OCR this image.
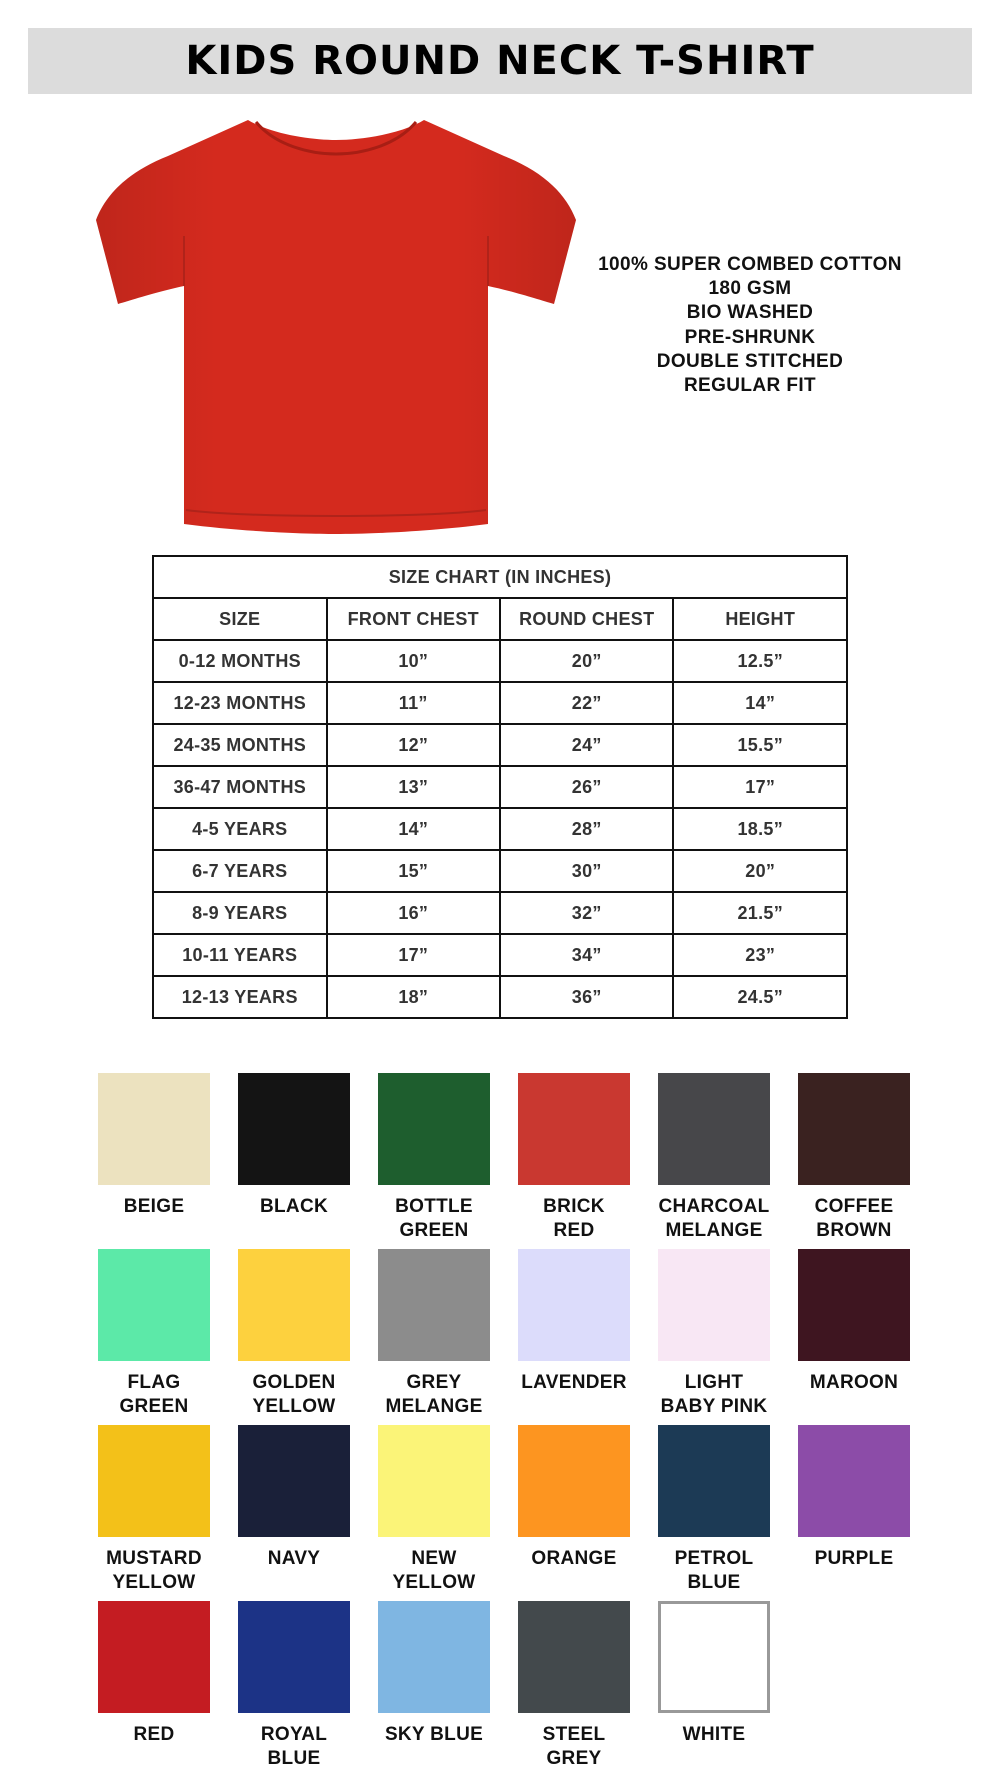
KIDS ROUND NECK T-SHIRT
100% SUPER COMBED COTTON
180 GSM
BIO WASHED
PRE-SHRUNK
DOUBLE STITCHED
REGULAR FIT
SIZE CHART (IN INCHES)			
SIZE	FRONT CHEST	ROUND CHEST	HEIGHT
0-12 MONTHS	10”	20”	12.5”
12-23 MONTHS	11”	22”	14”
24-35 MONTHS	12”	24”	15.5”
36-47 MONTHS	13”	26”	17”
4-5 YEARS	14”	28”	18.5”
6-7 YEARS	15”	30”	20”
8-9 YEARS	16”	32”	21.5”
10-11 YEARS	17”	34”	23”
12-13 YEARS	18”	36”	24.5”
BEIGE	BLACK	BOTTLE
GREEN
BRICK
RED
CHARCOAL
MELANGE
COFFEE
BROWN
FLAG
GREEN
GOLDEN
YELLOW
GREY
MELANGE
LAVENDER	LIGHT
BABY PINK
MAROON
MUSTARD
YELLOW
NAVY	NEW
YELLOW
ORANGE	PETROL
BLUE
PURPLE
RED	ROYAL
BLUE
SKY BLUE	STEEL
GREY
WHITE
